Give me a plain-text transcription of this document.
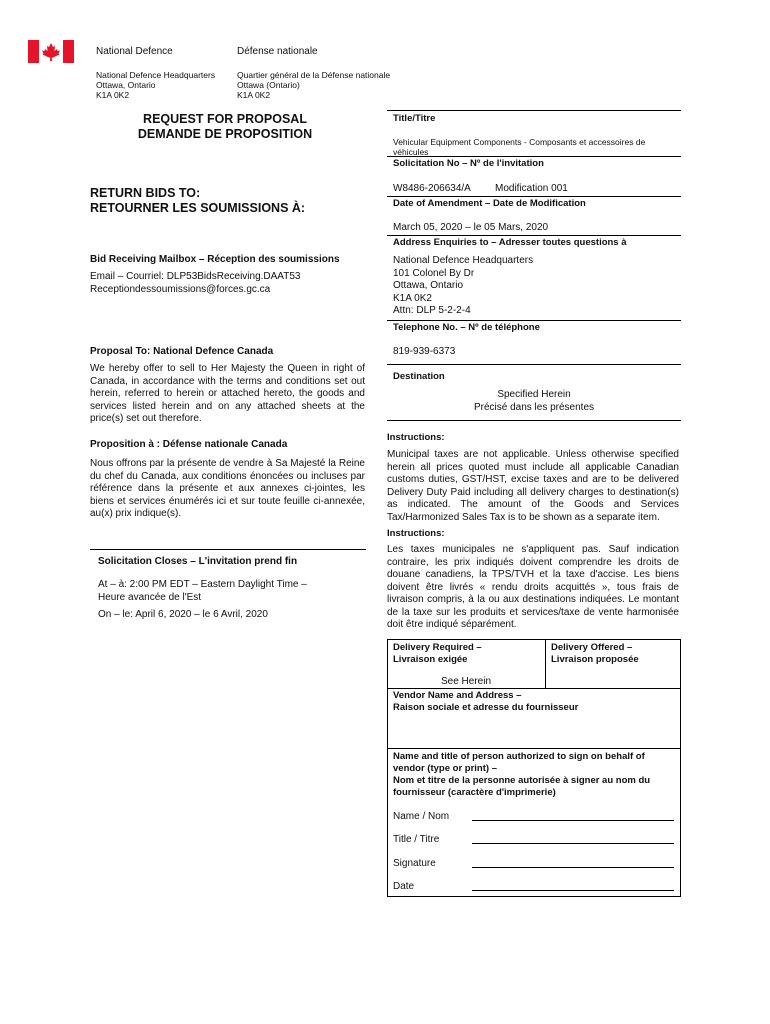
National Defence	Défense nationale
National Defence Headquarters
Ottawa, Ontario
K1A 0K2
Quartier général de la Défense nationale
Ottawa (Ontario)
K1A 0K2
REQUEST FOR PROPOSAL
DEMANDE DE PROPOSITION
RETURN BIDS TO:
RETOURNER LES SOUMISSIONS À:
Bid Receiving Mailbox – Réception des soumissions
Email – Courriel: DLP53BidsReceiving.DAAT53
Receptiondessoumissions@forces.gc.ca
Proposal To: National Defence Canada
We hereby offer to sell to Her Majesty the Queen in right of Canada, in accordance with the terms and conditions set out herein, referred to herein or attached hereto, the goods and services listed herein and on any attached sheets at the price(s) set out therefore.
Proposition à : Défense nationale Canada
Nous offrons par la présente de vendre à Sa Majesté la Reine du chef du Canada, aux conditions énoncées ou incluses par référence dans la présente et aux annexes ci-jointes, les biens et services énumérés ici et sur toute feuille ci-annexée, au(x) prix indique(s).
Solicitation Closes – L'invitation prend fin
At – à: 2:00 PM EDT – Eastern Daylight Time –
Heure avancée de l'Est
On – le: April 6, 2020 – le 6 Avril, 2020
Title/Titre
Vehicular Equipment Components - Composants et accessoires de véhicules
Solicitation No – Nº de l'invitation
W8486-206634/A Modification 001
Date of Amendment – Date de Modification
March 05, 2020 – le 05 Mars, 2020
Address Enquiries to – Adresser toutes questions à
National Defence Headquarters
101 Colonel By Dr
Ottawa, Ontario
K1A 0K2
Attn: DLP 5-2-2-4
Telephone No. – Nº de téléphone
819-939-6373
Destination
Specified Herein
Précisé dans les présentes
Instructions:
Municipal taxes are not applicable. Unless otherwise specified herein all prices quoted must include all applicable Canadian customs duties, GST/HST, excise taxes and are to be delivered Delivery Duty Paid including all delivery charges to destination(s) as indicated. The amount of the Goods and Services Tax/Harmonized Sales Tax is to be shown as a separate item.
Instructions:
Les taxes municipales ne s'appliquent pas. Sauf indication contraire, les prix indiqués doivent comprendre les droits de douane canadiens, la TPS/TVH et la taxe d'accise. Les biens doivent être livrés « rendu droits acquittés », tous frais de livraison compris, à la ou aux destinations indiquées. Le montant de la taxe sur les produits et services/taxe de vente harmonisée doit être indiqué séparément.
Delivery Required –
Livraison exigée
Delivery Offered –
Livraison proposée
See Herein
Vendor Name and Address –
Raison sociale et adresse du fournisseur
Name and title of person authorized to sign on behalf of vendor (type or print) –
Nom et titre de la personne autorisée à signer au nom du fournisseur (caractère d'imprimerie)
Name / Nom
Title / Titre
Signature
Date
